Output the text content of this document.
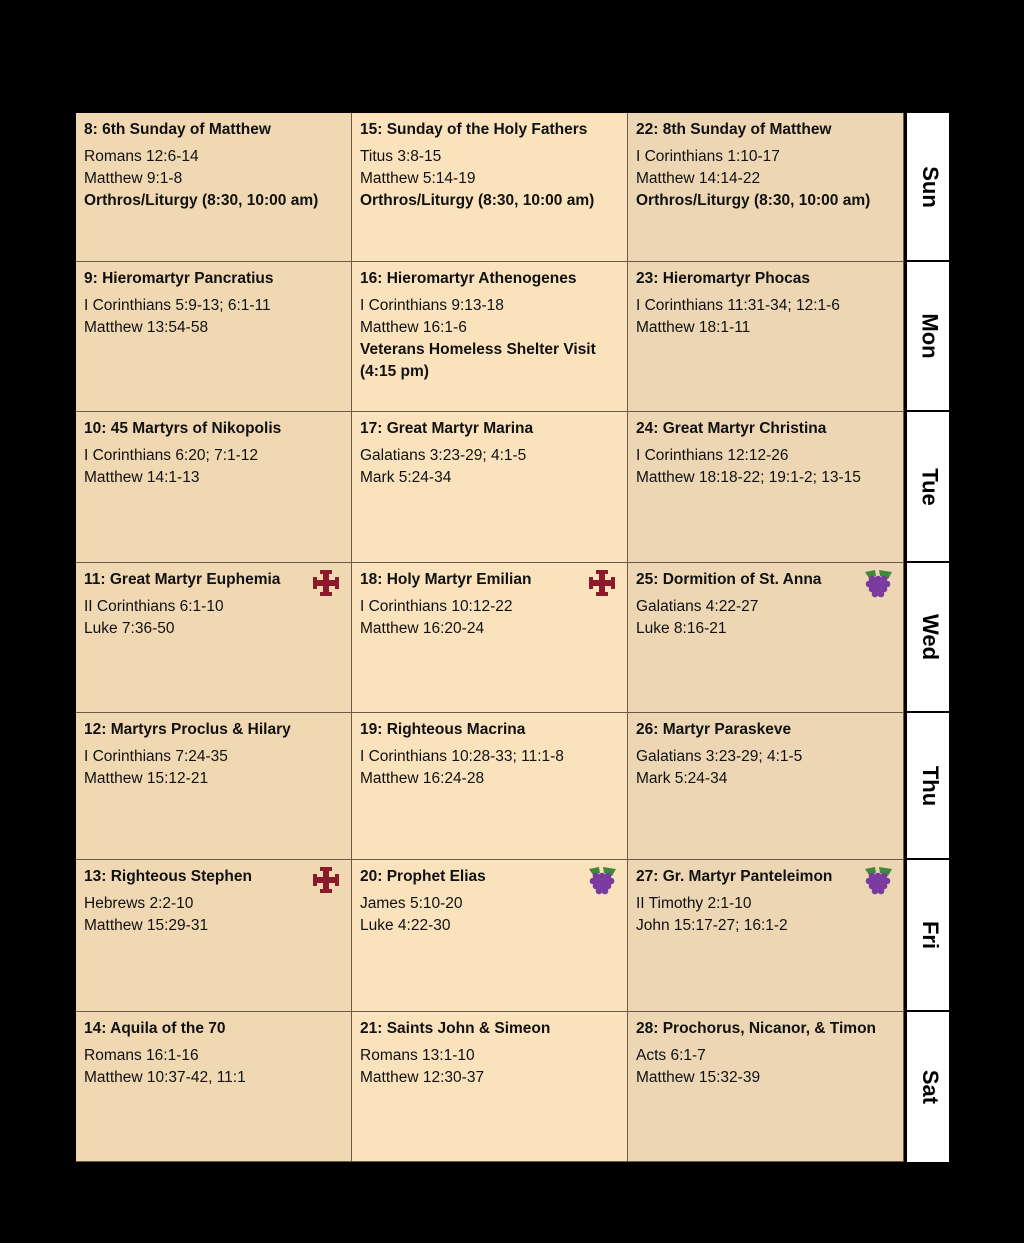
8: 6th Sunday of Matthew
Romans 12:6-14
Matthew 9:1-8
Orthros/Liturgy (8:30, 10:00 am)
15: Sunday of the Holy Fathers
Titus 3:8-15
Matthew 5:14-19
Orthros/Liturgy (8:30, 10:00 am)
22: 8th Sunday of Matthew
I Corinthians 1:10-17
Matthew 14:14-22
Orthros/Liturgy (8:30, 10:00 am)
9: Hieromartyr Pancratius
I Corinthians 5:9-13; 6:1-11
Matthew 13:54-58
16: Hieromartyr Athenogenes
I Corinthians 9:13-18
Matthew 16:1-6
Veterans Homeless Shelter Visit
(4:15 pm)
23: Hieromartyr Phocas
I Corinthians 11:31-34; 12:1-6
Matthew 18:1-11
10: 45 Martyrs of Nikopolis
I Corinthians 6:20; 7:1-12
Matthew 14:1-13
17: Great Martyr Marina
Galatians 3:23-29; 4:1-5
Mark 5:24-34
24: Great Martyr Christina
I Corinthians 12:12-26
Matthew 18:18-22; 19:1-2; 13-15
11: Great Martyr Euphemia
II Corinthians 6:1-10
Luke 7:36-50
18: Holy Martyr Emilian
I Corinthians 10:12-22
Matthew 16:20-24
25: Dormition of St. Anna
Galatians 4:22-27
Luke 8:16-21
12: Martyrs Proclus & Hilary
I Corinthians 7:24-35
Matthew 15:12-21
19: Righteous Macrina
I Corinthians 10:28-33; 11:1-8
Matthew 16:24-28
26: Martyr Paraskeve
Galatians 3:23-29; 4:1-5
Mark 5:24-34
13: Righteous Stephen
Hebrews 2:2-10
Matthew 15:29-31
20: Prophet Elias
James 5:10-20
Luke 4:22-30
27: Gr. Martyr Panteleimon
II Timothy 2:1-10
John 15:17-27; 16:1-2
14: Aquila of the 70
Romans 16:1-16
Matthew 10:37-42, 11:1
21: Saints John & Simeon
Romans 13:1-10
Matthew 12:30-37
28: Prochorus, Nicanor, & Timon
Acts 6:1-7
Matthew 15:32-39
Sun
Mon
Tue
Wed
Thu
Fri
Sat
